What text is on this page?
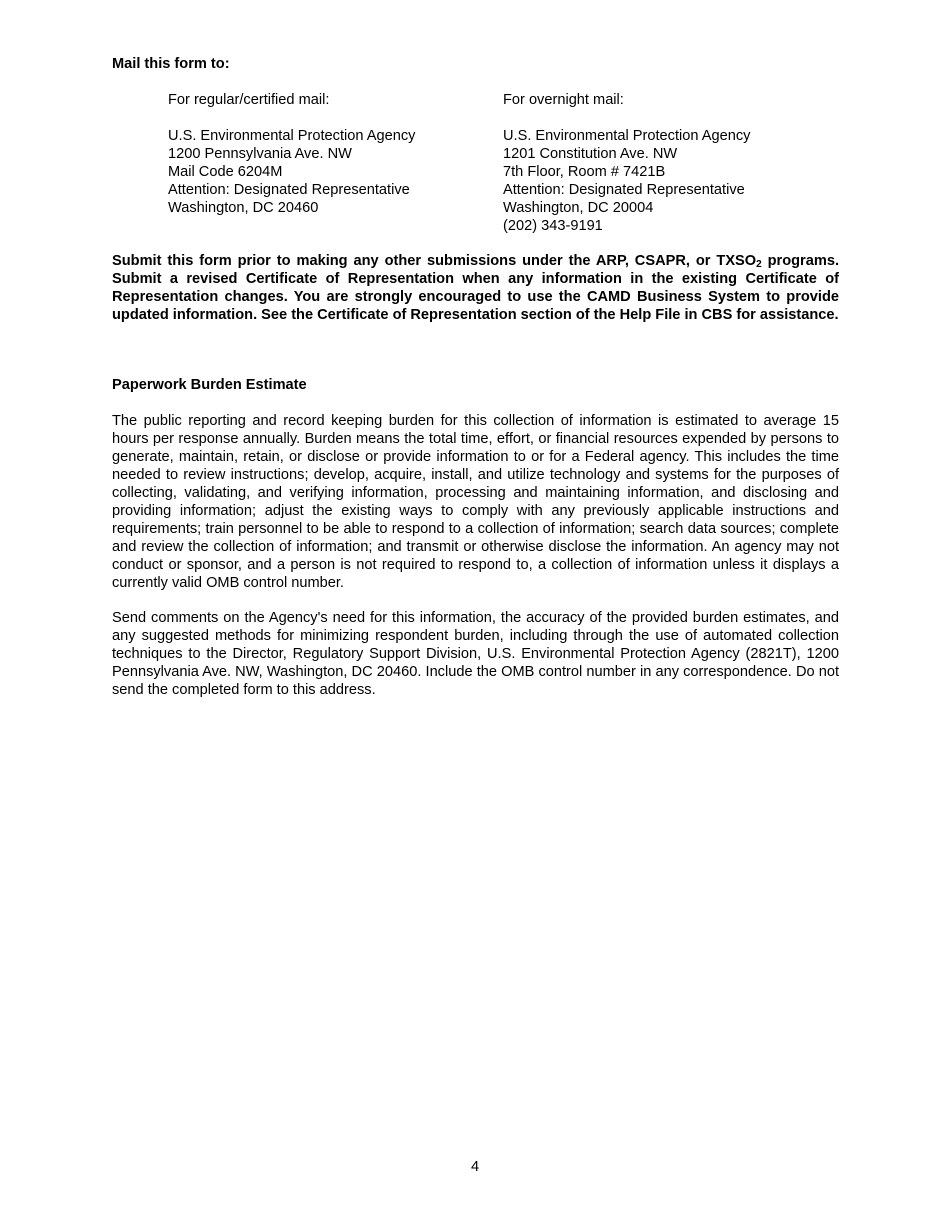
Mail this form to:

For regular/certified mail:

U.S. Environmental Protection Agency
1200 Pennsylvania Ave. NW
Mail Code 6204M
Attention: Designated Representative
Washington, DC 20460

For overnight mail:

U.S. Environmental Protection Agency
1201 Constitution Ave. NW
7th Floor, Room # 7421B
Attention: Designated Representative
Washington, DC 20004
(202) 343-9191

Submit this form prior to making any other submissions under the ARP, CSAPR, or $TXSO_2$ programs. Submit a revised Certificate of Representation when any information in the existing Certificate of Representation changes. You are strongly encouraged to use the CAMD Business System to provide updated information. See the Certificate of Representation section of the Help File in CBS for assistance.

Paperwork Burden Estimate

The public reporting and record keeping burden for this collection of information is estimated to average 15 hours per response annually. Burden means the total time, effort, or financial resources expended by persons to generate, maintain, retain, or disclose or provide information to or for a Federal agency. This includes the time needed to review instructions; develop, acquire, install, and utilize technology and systems for the purposes of collecting, validating, and verifying information, processing and maintaining information, and disclosing and providing information; adjust the existing ways to comply with any previously applicable instructions and requirements; train personnel to be able to respond to a collection of information; search data sources; complete and review the collection of information; and transmit or otherwise disclose the information. An agency may not conduct or sponsor, and a person is not required to respond to, a collection of information unless it displays a currently valid OMB control number.

Send comments on the Agency's need for this information, the accuracy of the provided burden estimates, and any suggested methods for minimizing respondent burden, including through the use of automated collection techniques to the Director, Regulatory Support Division, U.S. Environmental Protection Agency (2821T), 1200 Pennsylvania Ave. NW, Washington, DC 20460. Include the OMB control number in any correspondence. Do not send the completed form to this address.

4
